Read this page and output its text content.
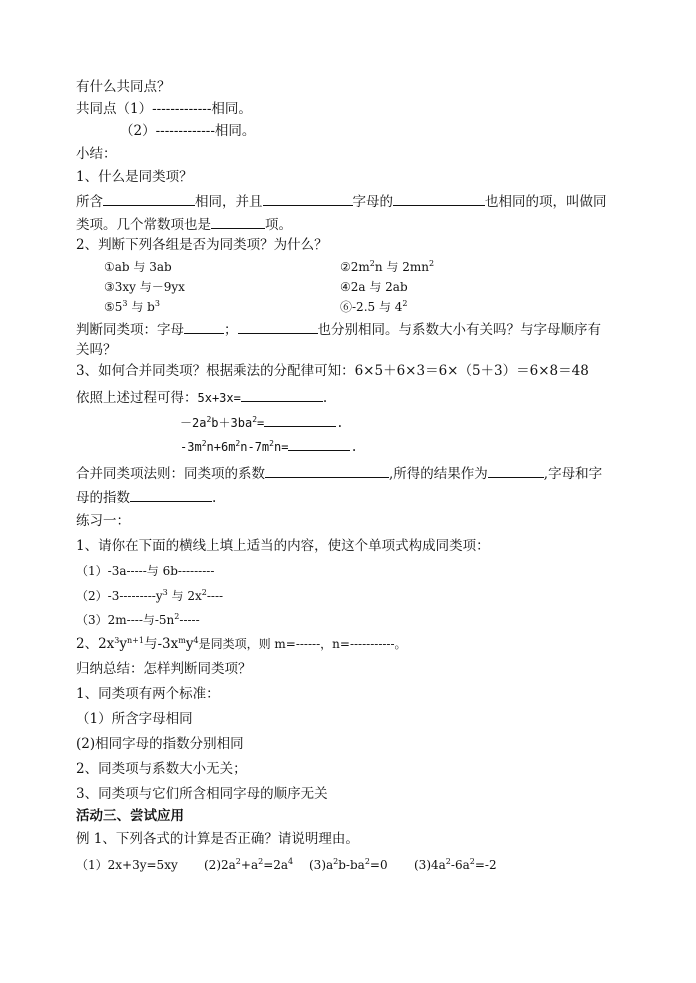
有什么共同点？
共同点（1）-------------相同。
（2）-------------相同。
小结：
1、什么是同类项？
所含	相同，并且	字母的	也相同的项，叫做同
类项。几个常数项也是	项。
2、判断下列各组是否为同类项？为什么？
①ab 与 3ab	$②2m^2n$ 与 $2mn^2$
③3xy 与－9yx	④2a 与 2ab
$⑤5^3$ 与 $b^3$	⑥-2.5 与 $4^2$
判断同类项：字母	；	也分别相同。与系数大小有关吗？与字母顺序有
关吗？
3、如何合并同类项？根据乘法的分配律可知：6×5＋6×3＝6×（5＋3）＝6×8＝48
依照上述过程可得：5x+3x=	.
$-2a^2b+3ba^2=$	.
$-3m^2n+6m^2n-7m^2n=$	.
合并同类项法则：同类项的系数	,所得的结果作为	,字母和字
母的指数	.
练习一：
1、请你在下面的横线上填上适当的内容，使这个单项式构成同类项：
（1）-3a-----与 6b---------
$(2)-3---------y^3$ 与 $2x^2----$
（3）2m----与$-5n^2-----$
2、$2x^3y^{n+1}$与$-3x^my^4$是同类项，则 m=------，n=-----------。
归纳总结：怎样判断同类项？
1、同类项有两个标准：
（1）所含字母相同
(2)相同字母的指数分别相同
2、同类项与系数大小无关；
3、同类项与它们所含相同字母的顺序无关
活动三、尝试应用
例 1、下列各式的计算是否正确？请说明理由。
（1）2x+3y=5xy $(2)2a^2+a^2=2a^4$ $(3)a^2b-ba^2=0$ $(3)4a^2-6a^2=-2$
